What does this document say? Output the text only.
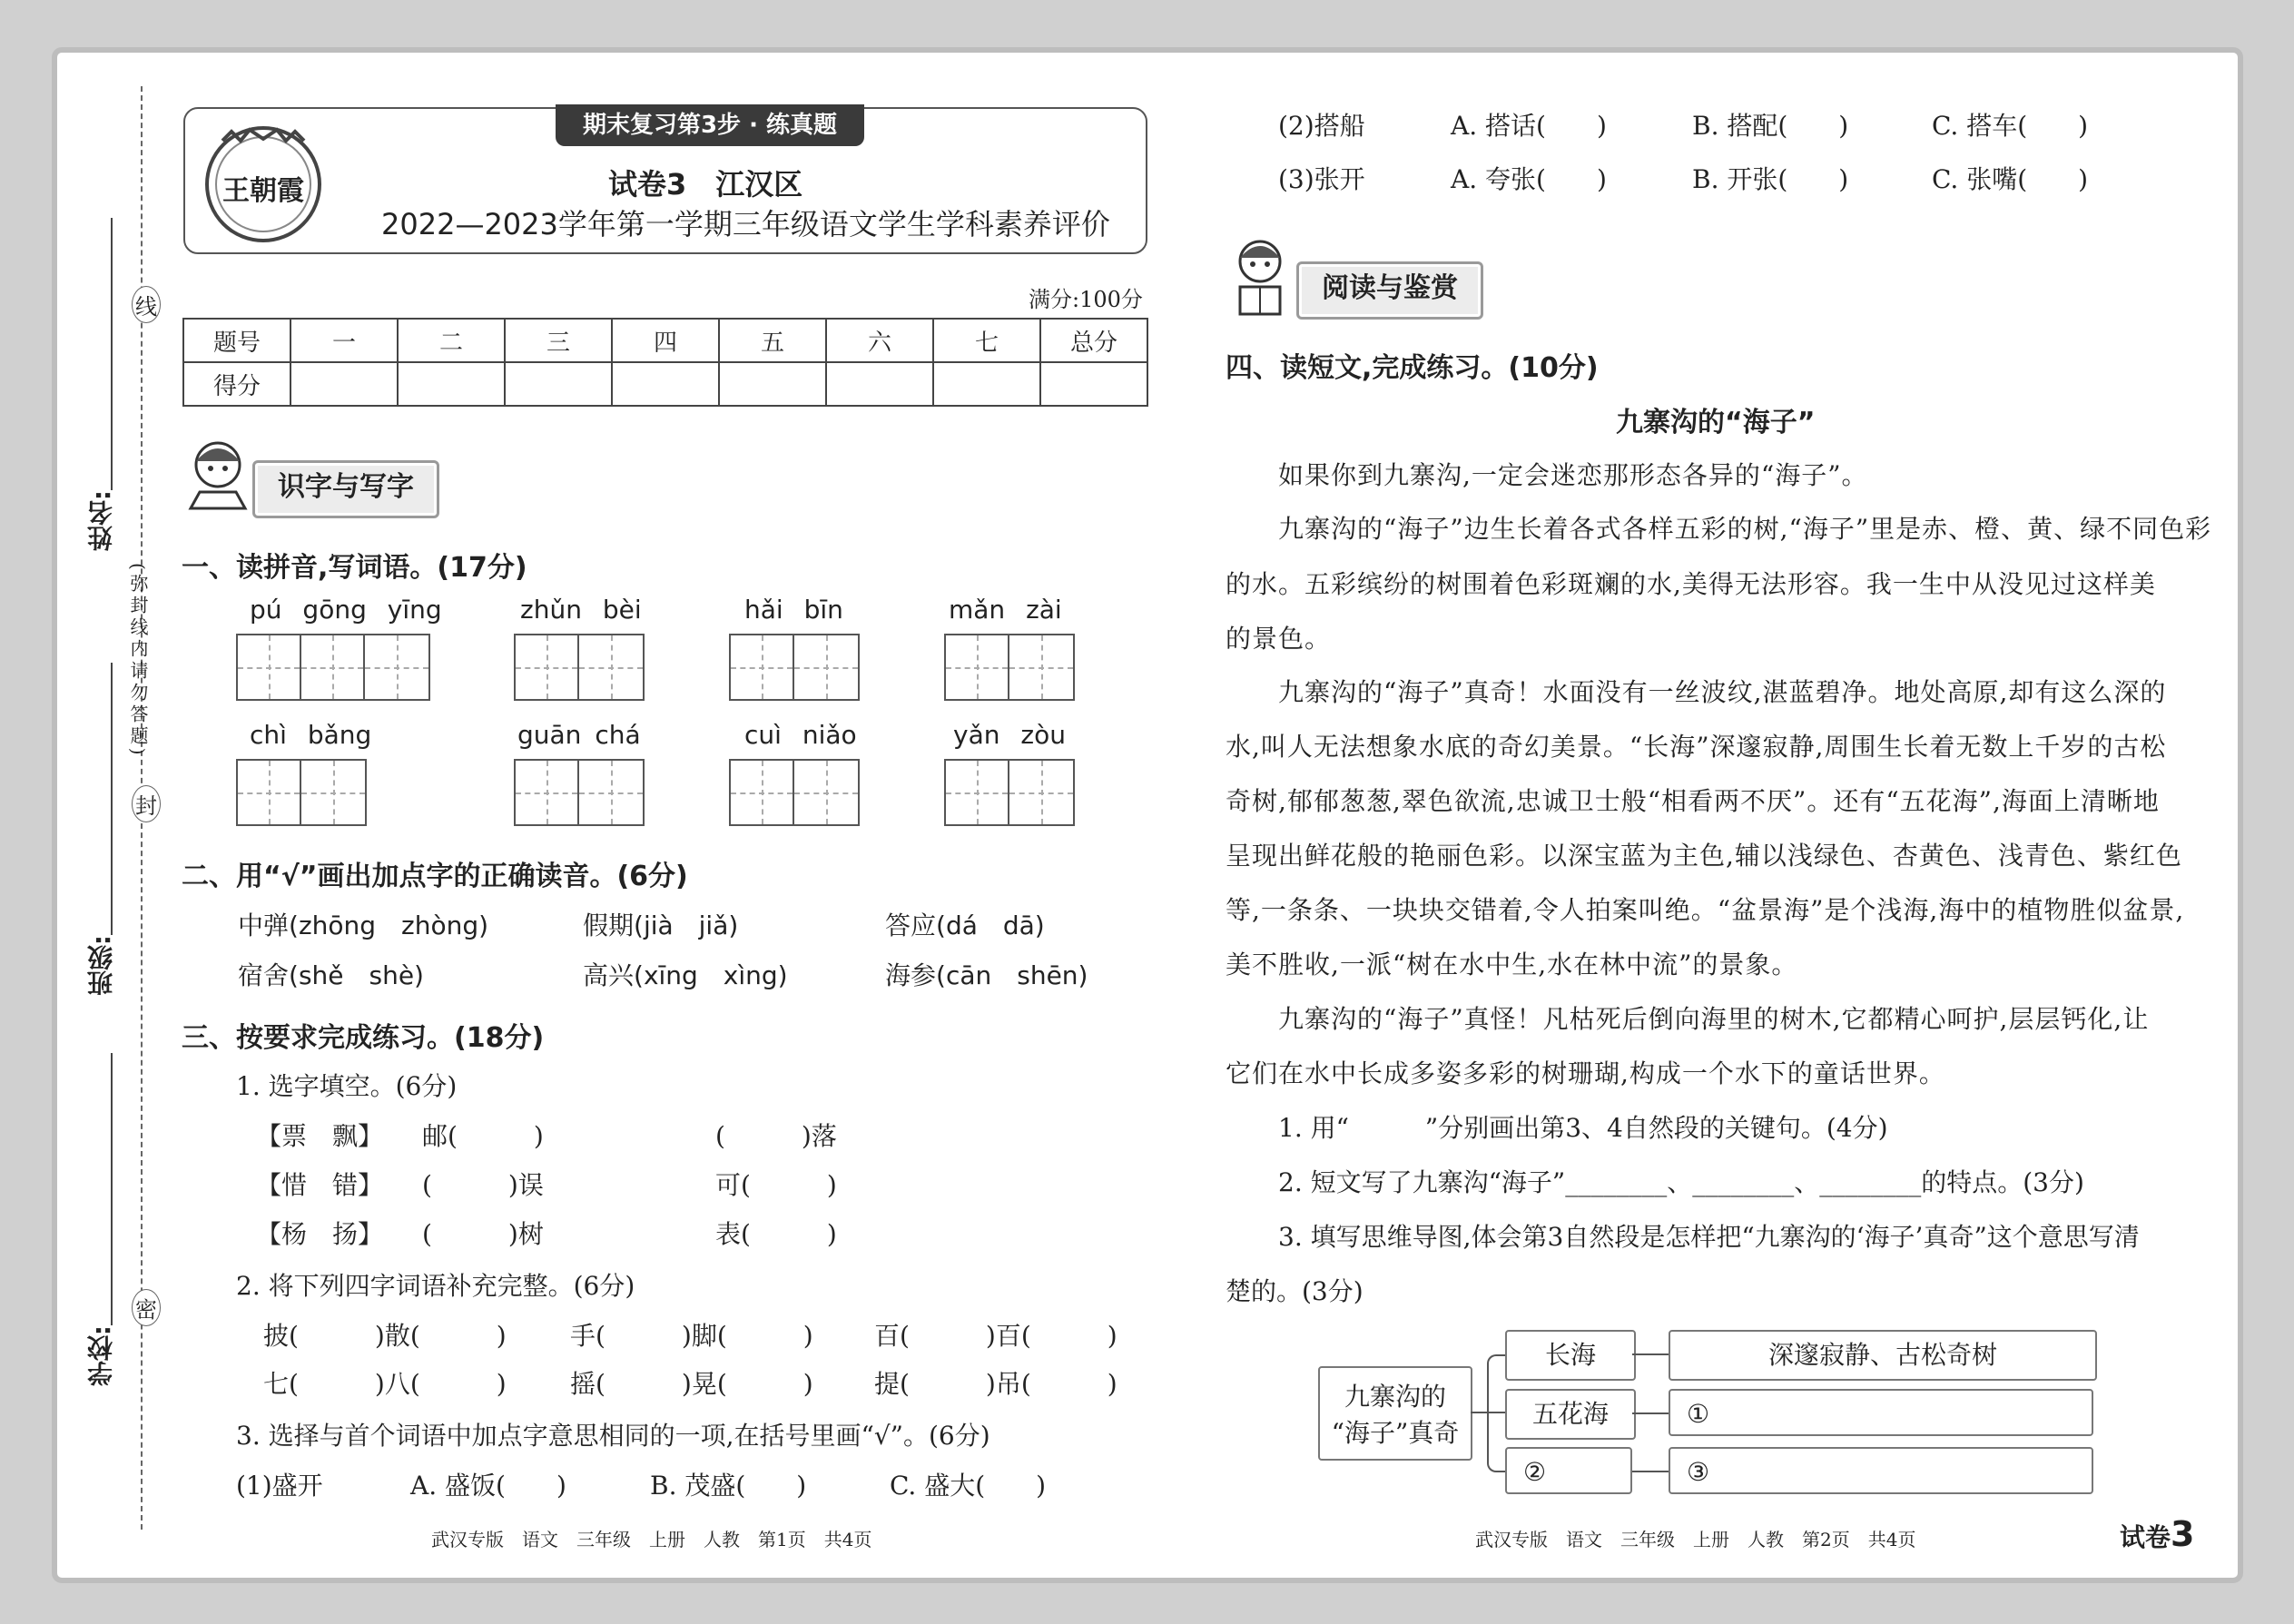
线
封
密
(弥封线内请勿答题)
姓名:
班级:
学校:
期末复习第3步 · 练真题
王朝霞	试卷3　江汉区
2022—2023学年第一学期三年级语文学生学科素养评价
满分:100分
题号	一	二	三	四	五	六	七	总分
得分								
识字与写字
一、读拼音,写词语。(17分)
pú gōng yīng	zhǔn bèi	hǎi bīn	mǎn zài
chì bǎng	guān chá	cuì niǎo	yǎn zòu
二、用“√”画出加点字的正确读音。(6分)
中弹(zhōng　zhòng)	假期(jià　jiǎ)	答应(dá　dā)
宿舍(shě　shè)	高兴(xīng　xìng)	海参(cān　shēn)
三、按要求完成练习。(18分)
1. 选字填空。(6分)
【票　飘】 邮(　　　)	(　　　)落
【惜　错】 (　　　)误	可(　　　)
【杨　扬】 (　　　)树	表(　　　)
2. 将下列四字词语补充完整。(6分)
披(　　　)散(　　　)	手(　　　)脚(　　　) 百(　　　)百(　　　)
七(　　　)八(　　　)	摇(　　　)晃(　　　) 提(　　　)吊(　　　)
3. 选择与首个词语中加点字意思相同的一项,在括号里画“√”。(6分)
(1)盛开	A. 盛饭(　　)	B. 茂盛(　　)	C. 盛大(　　)
武汉专版　语文　三年级　上册　人教　第1页　共4页
(2)搭船	A. 搭话(　　)	B. 搭配(　　)	C. 搭车(　　)
(3)张开	A. 夸张(　　)	B. 开张(　　)	C. 张嘴(　　)
阅读与鉴赏
四、读短文,完成练习。(10分)
九寨沟的“海子”
如果你到九寨沟,一定会迷恋那形态各异的“海子”。
九寨沟的“海子”边生长着各式各样五彩的树,“海子”里是赤、橙、黄、绿不同色彩
的水。五彩缤纷的树围着色彩斑斓的水,美得无法形容。我一生中从没见过这样美
的景色。
九寨沟的“海子”真奇！水面没有一丝波纹,湛蓝碧净。地处高原,却有这么深的
水,叫人无法想象水底的奇幻美景。“长海”深邃寂静,周围生长着无数上千岁的古松
奇树,郁郁葱葱,翠色欲流,忠诚卫士般“相看两不厌”。还有“五花海”,海面上清晰地
呈现出鲜花般的艳丽色彩。以深宝蓝为主色,辅以浅绿色、杏黄色、浅青色、紫红色
等,一条条、一块块交错着,令人拍案叫绝。“盆景海”是个浅海,海中的植物胜似盆景,
美不胜收,一派“树在水中生,水在林中流”的景象。
九寨沟的“海子”真怪！凡枯死后倒向海里的树木,它都精心呵护,层层钙化,让
它们在水中长成多姿多彩的树珊瑚,构成一个水下的童话世界。
1. 用“　　　”分别画出第3、4自然段的关键句。(4分)
2. 短文写了九寨沟“海子”________、________、________的特点。(3分)
3. 填写思维导图,体会第3自然段是怎样把“九寨沟的‘海子’真奇”这个意思写清
楚的。(3分)
九寨沟的
“海子”真奇
长海	深邃寂静、古松奇树
五花海	①
②	③
武汉专版　语文　三年级　上册　人教　第2页　共4页	试卷3
